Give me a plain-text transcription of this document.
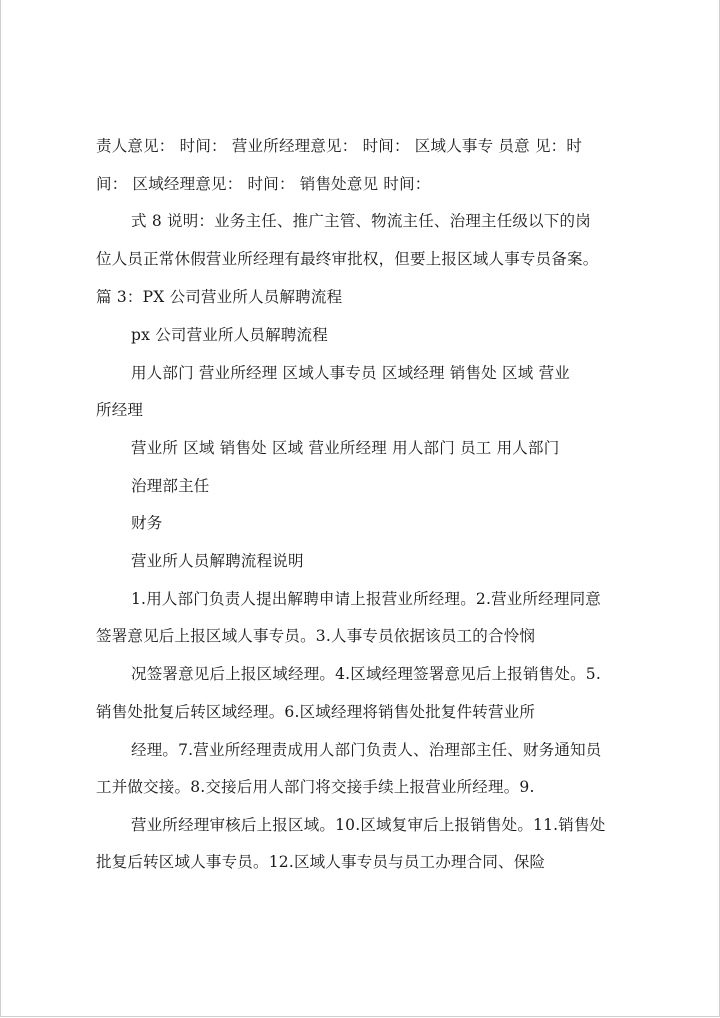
责人意见： 时间： 营业所经理意见： 时间： 区域人事专 员意 见：时
间： 区域经理意见： 时间： 销售处意见 时间：
式 8 说明：业务主任、推广主管、物流主任、治理主任级以下的岗
位人员正常休假营业所经理有最终审批权，但要上报区域人事专员备案。
篇 3：PX 公司营业所人员解聘流程
px 公司营业所人员解聘流程
用人部门 营业所经理 区域人事专员 区域经理 销售处 区域 营业
所经理
营业所 区域 销售处 区域 营业所经理 用人部门 员工 用人部门
治理部主任
财务
营业所人员解聘流程说明
1.用人部门负责人提出解聘申请上报营业所经理。2.营业所经理同意
签署意见后上报区域人事专员。3.人事专员依据该员工的合怜悯
况签署意见后上报区域经理。4.区域经理签署意见后上报销售处。5.
销售处批复后转区域经理。6.区域经理将销售处批复件转营业所
经理。7.营业所经理责成用人部门负责人、治理部主任、财务通知员
工并做交接。8.交接后用人部门将交接手续上报营业所经理。9.
营业所经理审核后上报区域。10.区域复审后上报销售处。11.销售处
批复后转区域人事专员。12.区域人事专员与员工办理合同、保险
